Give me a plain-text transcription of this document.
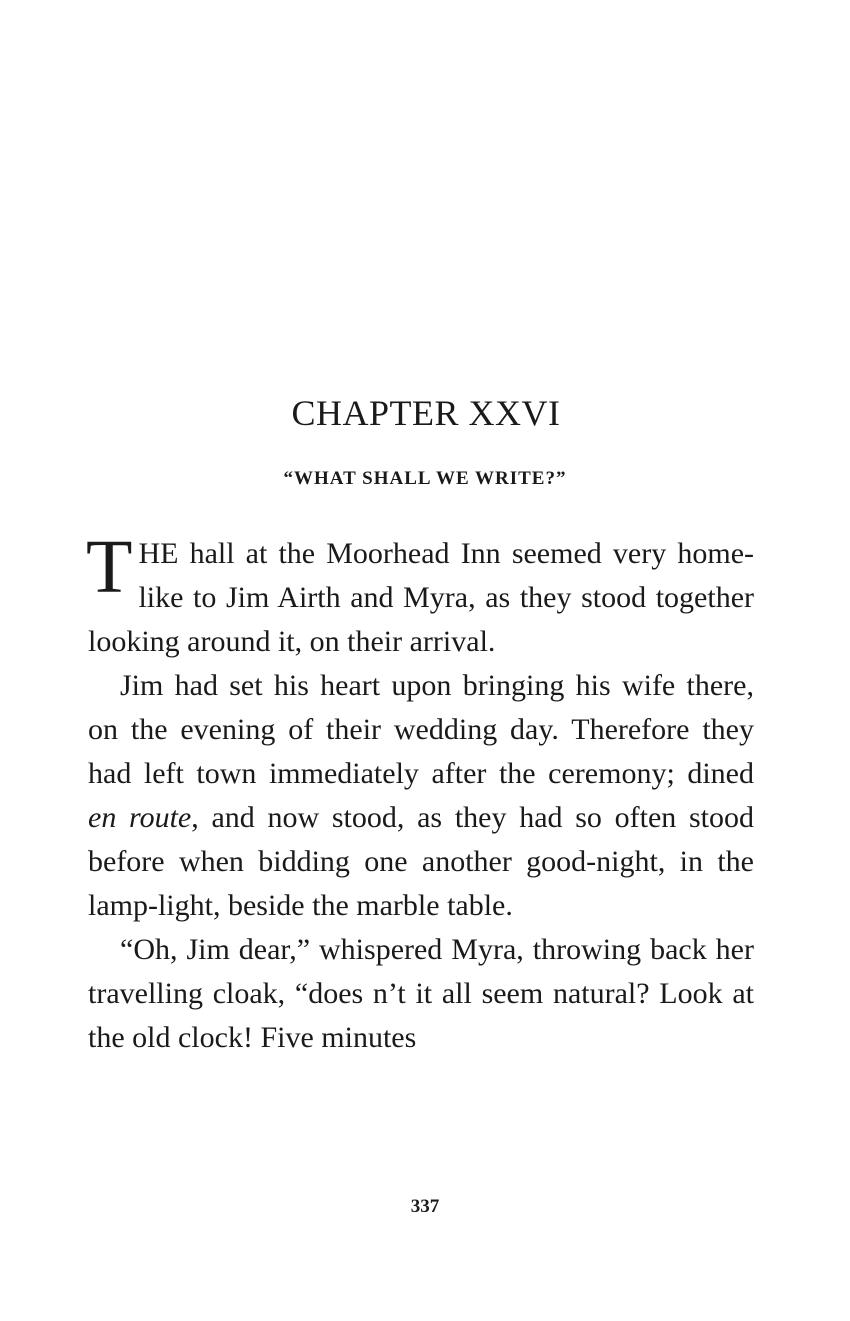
CHAPTER XXVI
“WHAT SHALL WE WRITE?”

THE hall at the Moorhead Inn seemed very home-like to Jim Airth and Myra, as they stood together looking around it, on their arrival.

Jim had set his heart upon bringing his wife there, on the evening of their wedding day. Therefore they had left town immediately after the ceremony; dined en route, and now stood, as they had so often stood before when bidding one another good-night, in the lamp-light, beside the marble table.

“Oh, Jim dear,” whispered Myra, throwing back her travelling cloak, “does n’t it all seem natural? Look at the old clock! Five minutes

337
